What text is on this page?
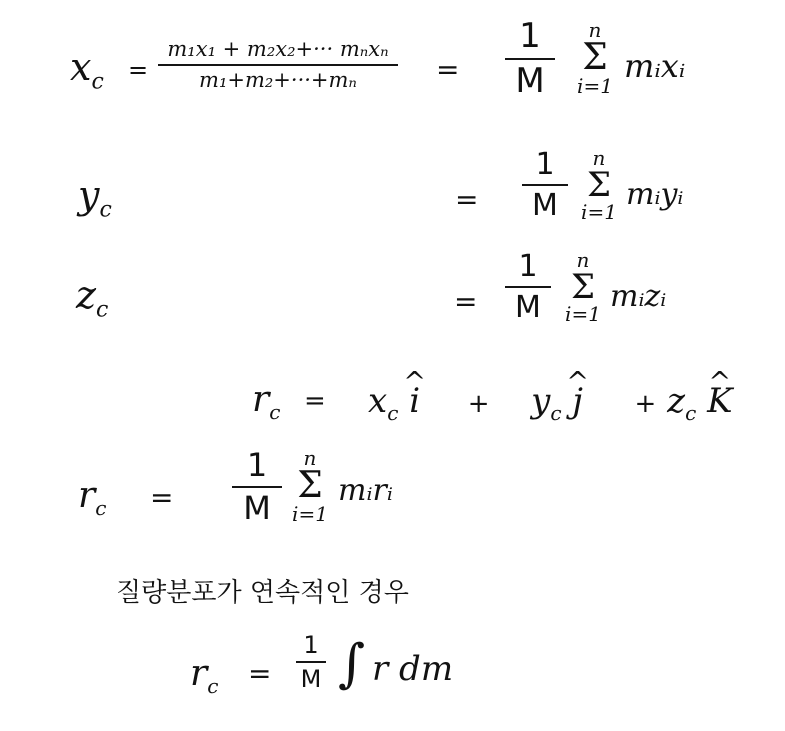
$x_c$ =
m₁x₁ + m₂x₂+··· mₙxₙ
m₁+m₂+···+mₙ	=
1
M
n
Σ
i=1
mᵢxᵢ
$y_c$	=
1
M
n
Σ
i=1 mᵢyᵢ
$z_c$	=
1
M
n
Σ
i=1 mᵢzᵢ
$r_c = x_c$ ^ $i + y_c$ ^ $j + z_c$ ^ K
$r_c$ =
1
M
n
Σ
i=1
mᵢrᵢ
질량분포가 연속적인 경우
$r_c$ =
1
M ∫ r dm
